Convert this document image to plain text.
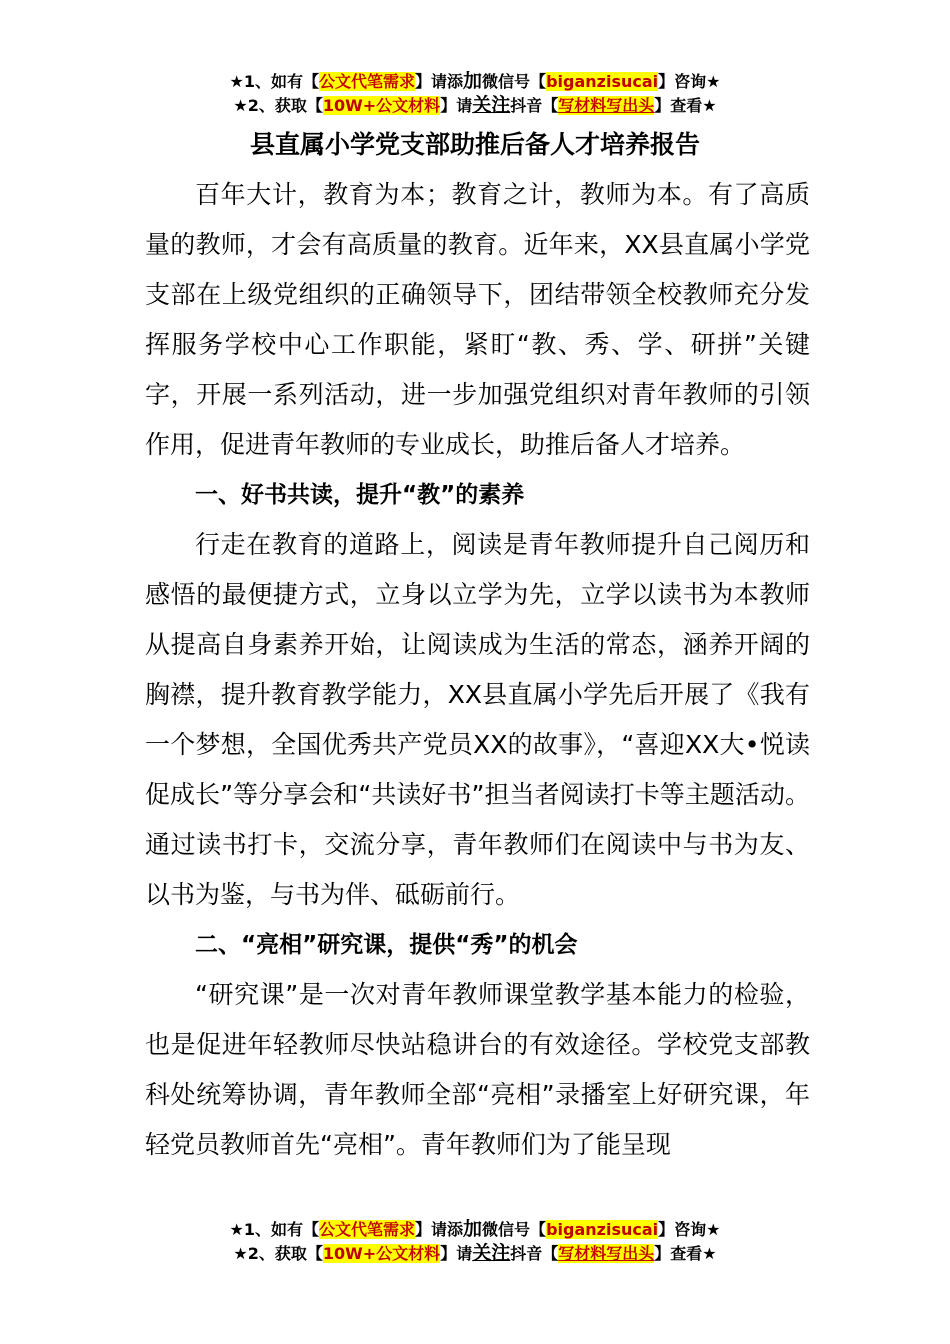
★1、如有【公文代笔需求】请添加微信号【biganzisucai】咨询★
★2、获取【10W+公文材料】请关注抖音【写材料写出头】查看★
县直属小学党支部助推后备人才培养报告

百年大计，教育为本；教育之计，教师为本。有了高质量的教师，才会有高质量的教育。近年来，XX县直属小学党支部在上级党组织的正确领导下，团结带领全校教师充分发挥服务学校中心工作职能，紧盯“教、秀、学、研拼”关键字，开展一系列活动，进一步加强党组织对青年教师的引领作用，促进青年教师的专业成长，助推后备人才培养。

一、好书共读，提升“教”的素养

行走在教育的道路上，阅读是青年教师提升自己阅历和感悟的最便捷方式，立身以立学为先，立学以读书为本教师从提高自身素养开始，让阅读成为生活的常态，涵养开阔的胸襟，提升教育教学能力，XX县直属小学先后开展了《我有一个梦想，全国优秀共产党员XX的故事》，“喜迎XX大•悦读促成长”等分享会和“共读好书”担当者阅读打卡等主题活动。通过读书打卡，交流分享，青年教师们在阅读中与书为友、以书为鉴，与书为伴、砥砺前行。

二、“亮相”研究课，提供“秀”的机会

“研究课”是一次对青年教师课堂教学基本能力的检验，也是促进年轻教师尽快站稳讲台的有效途径。学校党支部教科处统筹协调，青年教师全部“亮相”录播室上好研究课，年轻党员教师首先“亮相”。青年教师们为了能呈现

★1、如有【公文代笔需求】请添加微信号【biganzisucai】咨询★
★2、获取【10W+公文材料】请关注抖音【写材料写出头】查看★
